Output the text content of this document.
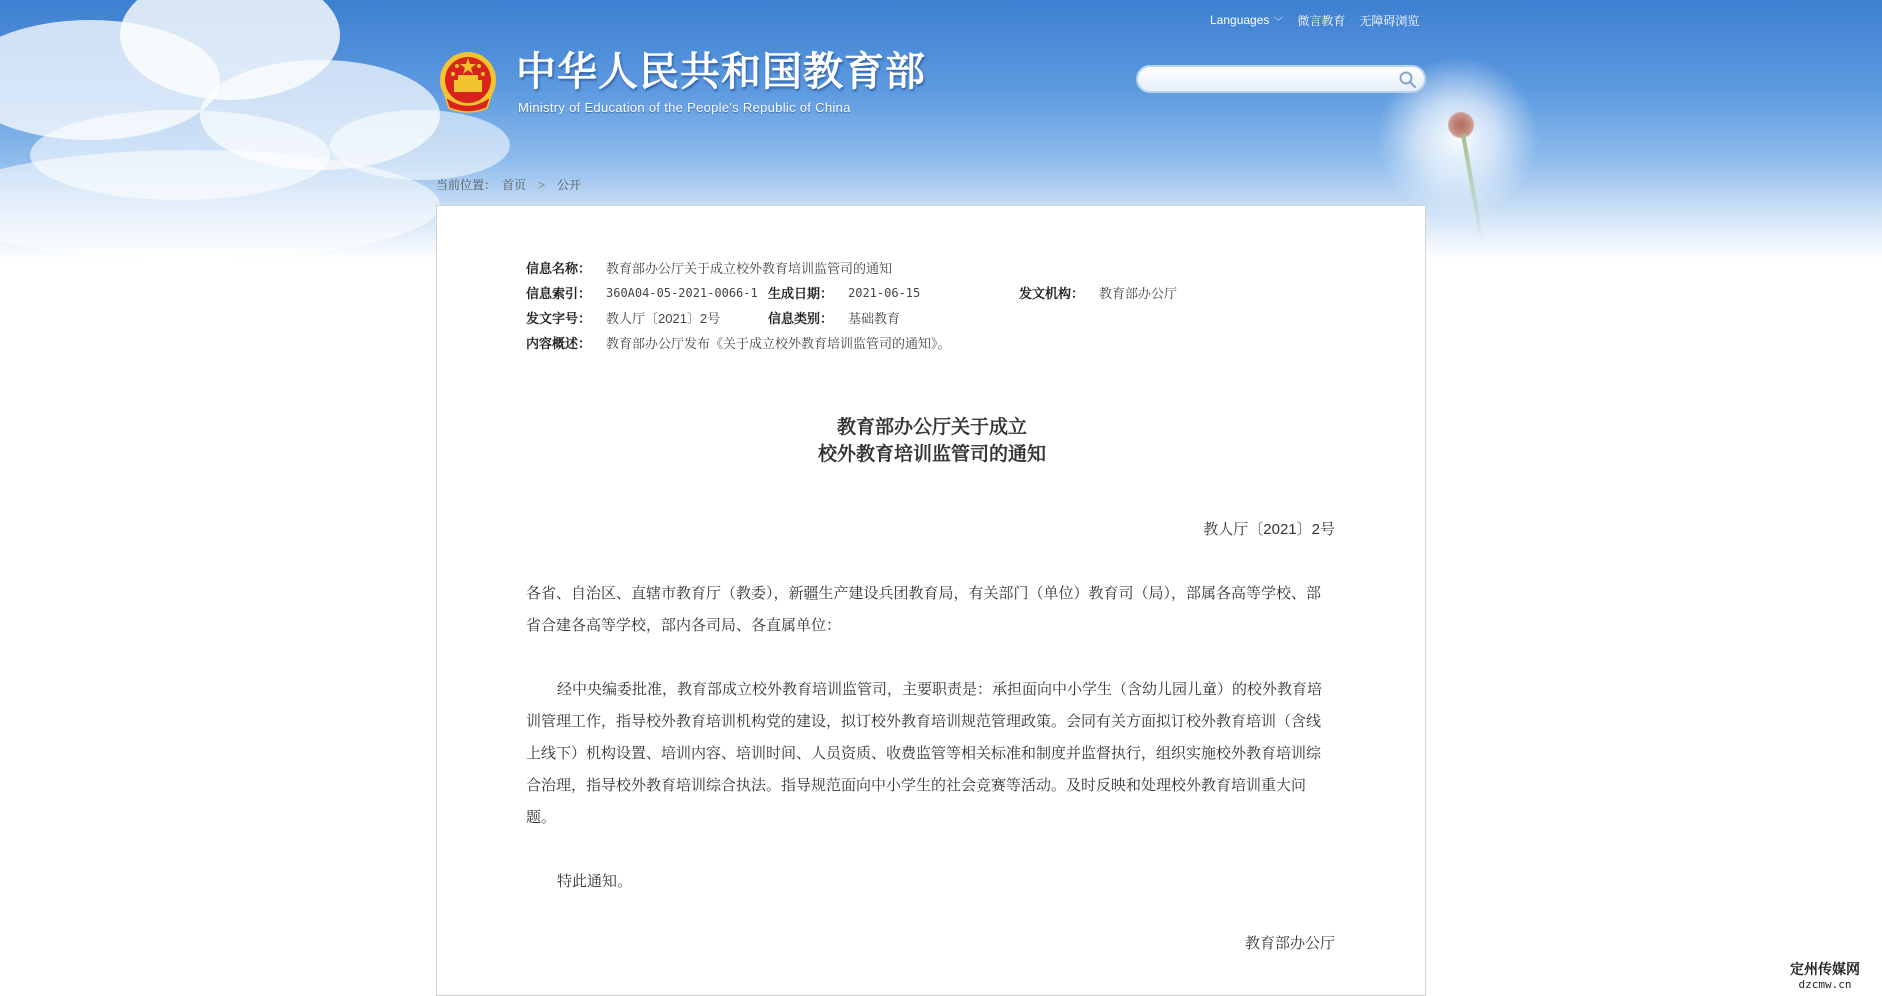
中华人民共和国教育部
Ministry of Education of the People's Republic of China
Languages ﹀ 微言教育 无障碍浏览
当前位置： 首页 > 公开
信息名称： 教育部办公厅关于成立校外教育培训监管司的通知
信息索引： 360A04-05-2021-0066-1 生成日期： 2021-06-15	发文机构： 教育部办公厅
发文字号： 教人厅〔2021〕2号	信息类别： 基础教育
内容概述： 教育部办公厅发布《关于成立校外教育培训监管司的通知》。
教育部办公厅关于成立
校外教育培训监管司的通知
教人厅〔2021〕2号

各省、自治区、直辖市教育厅（教委），新疆生产建设兵团教育局，有关部门（单位）教育司（局），部属各高等学校、部省合建各高等学校，部内各司局、各直属单位：

经中央编委批准，教育部成立校外教育培训监管司，主要职责是：承担面向中小学生（含幼儿园儿童）的校外教育培训管理工作，指导校外教育培训机构党的建设，拟订校外教育培训规范管理政策。会同有关方面拟订校外教育培训（含线上线下）机构设置、培训内容、培训时间、人员资质、收费监管等相关标准和制度并监督执行，组织实施校外教育培训综合治理，指导校外教育培训综合执法。指导规范面向中小学生的社会竞赛等活动。及时反映和处理校外教育培训重大问题。

特此通知。

教育部办公厅
定州传媒网
dzcmw.cn
